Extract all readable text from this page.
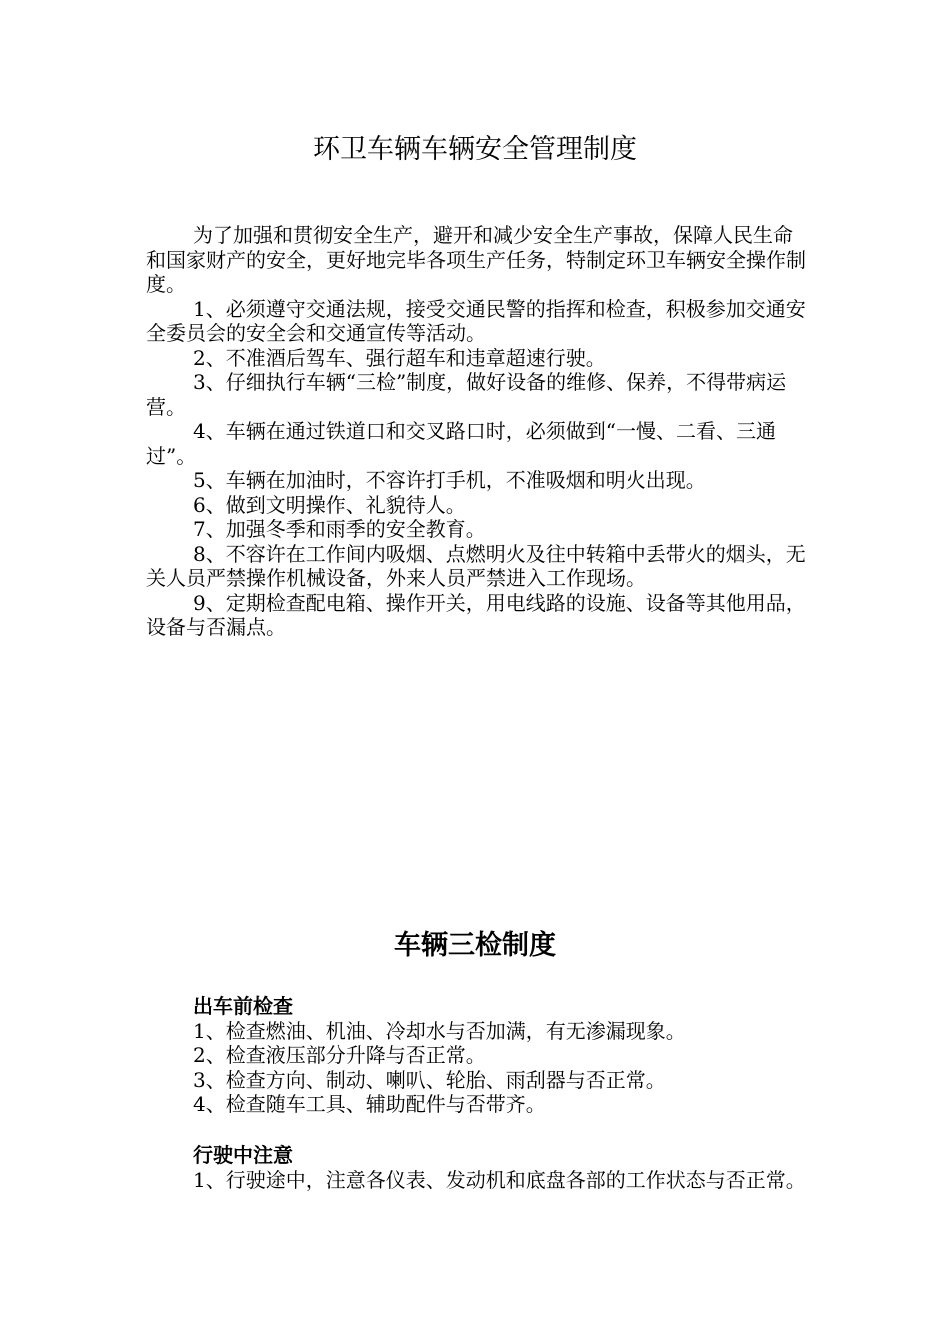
环卫车辆车辆安全管理制度

为了加强和贯彻安全生产，避开和减少安全生产事故，保障人民生命和国家财产的安全，更好地完毕各项生产任务，特制定环卫车辆安全操作制度。

1、必须遵守交通法规，接受交通民警的指挥和检查，积极参加交通安全委员会的安全会和交通宣传等活动。

2、不准酒后驾车、强行超车和违章超速行驶。

3、仔细执行车辆“三检”制度，做好设备的维修、保养，不得带病运营。

4、车辆在通过铁道口和交叉路口时，必须做到“一慢、二看、三通过”。

5、车辆在加油时，不容许打手机，不准吸烟和明火出现。

6、做到文明操作、礼貌待人。

7、加强冬季和雨季的安全教育。

8、不容许在工作间内吸烟、点燃明火及往中转箱中丢带火的烟头，无关人员严禁操作机械设备，外来人员严禁进入工作现场。

9、定期检查配电箱、操作开关，用电线路的设施、设备等其他用品，设备与否漏点。

车辆三检制度

出车前检查

1、检查燃油、机油、冷却水与否加满，有无渗漏现象。

2、检查液压部分升降与否正常。

3、检查方向、制动、喇叭、轮胎、雨刮器与否正常。

4、检查随车工具、辅助配件与否带齐。

行驶中注意

1、行驶途中，注意各仪表、发动机和底盘各部的工作状态与否正常。
